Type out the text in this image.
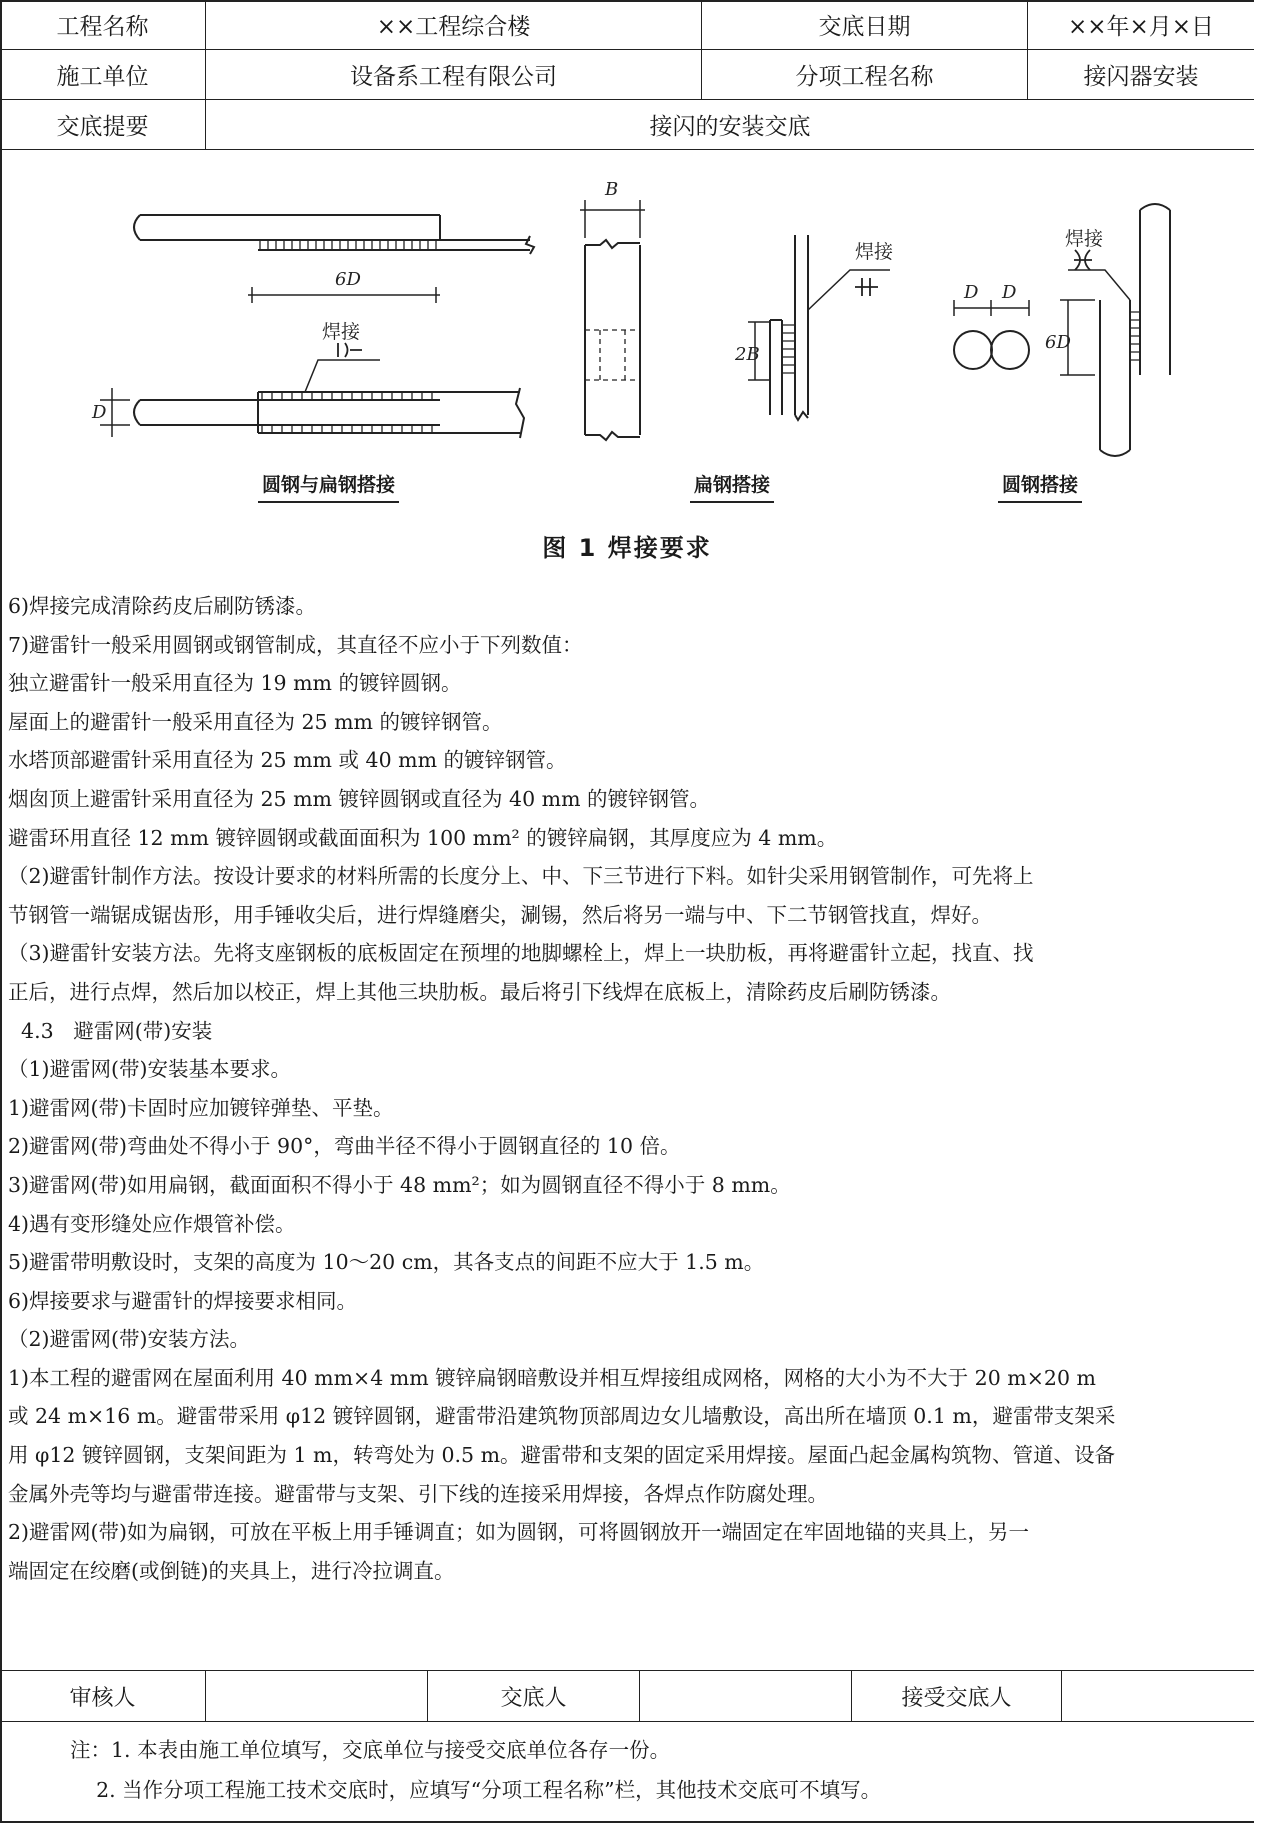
工程名称	××工程综合楼	交底日期	××年×月×日
施工单位	设备系工程有限公司	分项工程名称	接闪器安装
交底提要	接闪的安装交底
6D
D
B
2B
D D
6D
焊接
焊接
焊接
圆钢与扁钢搭接	扁钢搭接	圆钢搭接
图 1 焊接要求

6)焊接完成清除药皮后刷防锈漆。

7)避雷针一般采用圆钢或钢管制成，其直径不应小于下列数值：

独立避雷针一般采用直径为 19 mm 的镀锌圆钢。

屋面上的避雷针一般采用直径为 25 mm 的镀锌钢管。

水塔顶部避雷针采用直径为 25 mm 或 40 mm 的镀锌钢管。

烟囱顶上避雷针采用直径为 25 mm 镀锌圆钢或直径为 40 mm 的镀锌钢管。

避雷环用直径 12 mm 镀锌圆钢或截面面积为 100 mm² 的镀锌扁钢，其厚度应为 4 mm。

（2)避雷针制作方法。按设计要求的材料所需的长度分上、中、下三节进行下料。如针尖采用钢管制作，可先将上

节钢管一端锯成锯齿形，用手锤收尖后，进行焊缝磨尖，涮锡，然后将另一端与中、下二节钢管找直，焊好。

（3)避雷针安装方法。先将支座钢板的底板固定在预埋的地脚螺栓上，焊上一块肋板，再将避雷针立起，找直、找

正后，进行点焊，然后加以校正，焊上其他三块肋板。最后将引下线焊在底板上，清除药皮后刷防锈漆。

4.3   避雷网(带)安装

（1)避雷网(带)安装基本要求。

1)避雷网(带)卡固时应加镀锌弹垫、平垫。

2)避雷网(带)弯曲处不得小于 90°，弯曲半径不得小于圆钢直径的 10 倍。

3)避雷网(带)如用扁钢，截面面积不得小于 48 mm²；如为圆钢直径不得小于 8 mm。

4)遇有变形缝处应作煨管补偿。

5)避雷带明敷设时，支架的高度为 10～20 cm，其各支点的间距不应大于 1.5 m。

6)焊接要求与避雷针的焊接要求相同。

（2)避雷网(带)安装方法。

1)本工程的避雷网在屋面利用 40 mm×4 mm 镀锌扁钢暗敷设并相互焊接组成网格，网格的大小为不大于 20 m×20 m

或 24 m×16 m。避雷带采用 φ12 镀锌圆钢，避雷带沿建筑物顶部周边女儿墙敷设，高出所在墙顶 0.1 m，避雷带支架采

用 φ12 镀锌圆钢，支架间距为 1 m，转弯处为 0.5 m。避雷带和支架的固定采用焊接。屋面凸起金属构筑物、管道、设备

金属外壳等均与避雷带连接。避雷带与支架、引下线的连接采用焊接，各焊点作防腐处理。

2)避雷网(带)如为扁钢，可放在平板上用手锤调直；如为圆钢，可将圆钢放开一端固定在牢固地锚的夹具上，另一

端固定在绞磨(或倒链)的夹具上，进行冷拉调直。

审核人	交底人	接受交底人

注：1. 本表由施工单位填写，交底单位与接受交底单位各存一份。

2. 当作分项工程施工技术交底时，应填写“分项工程名称”栏，其他技术交底可不填写。
